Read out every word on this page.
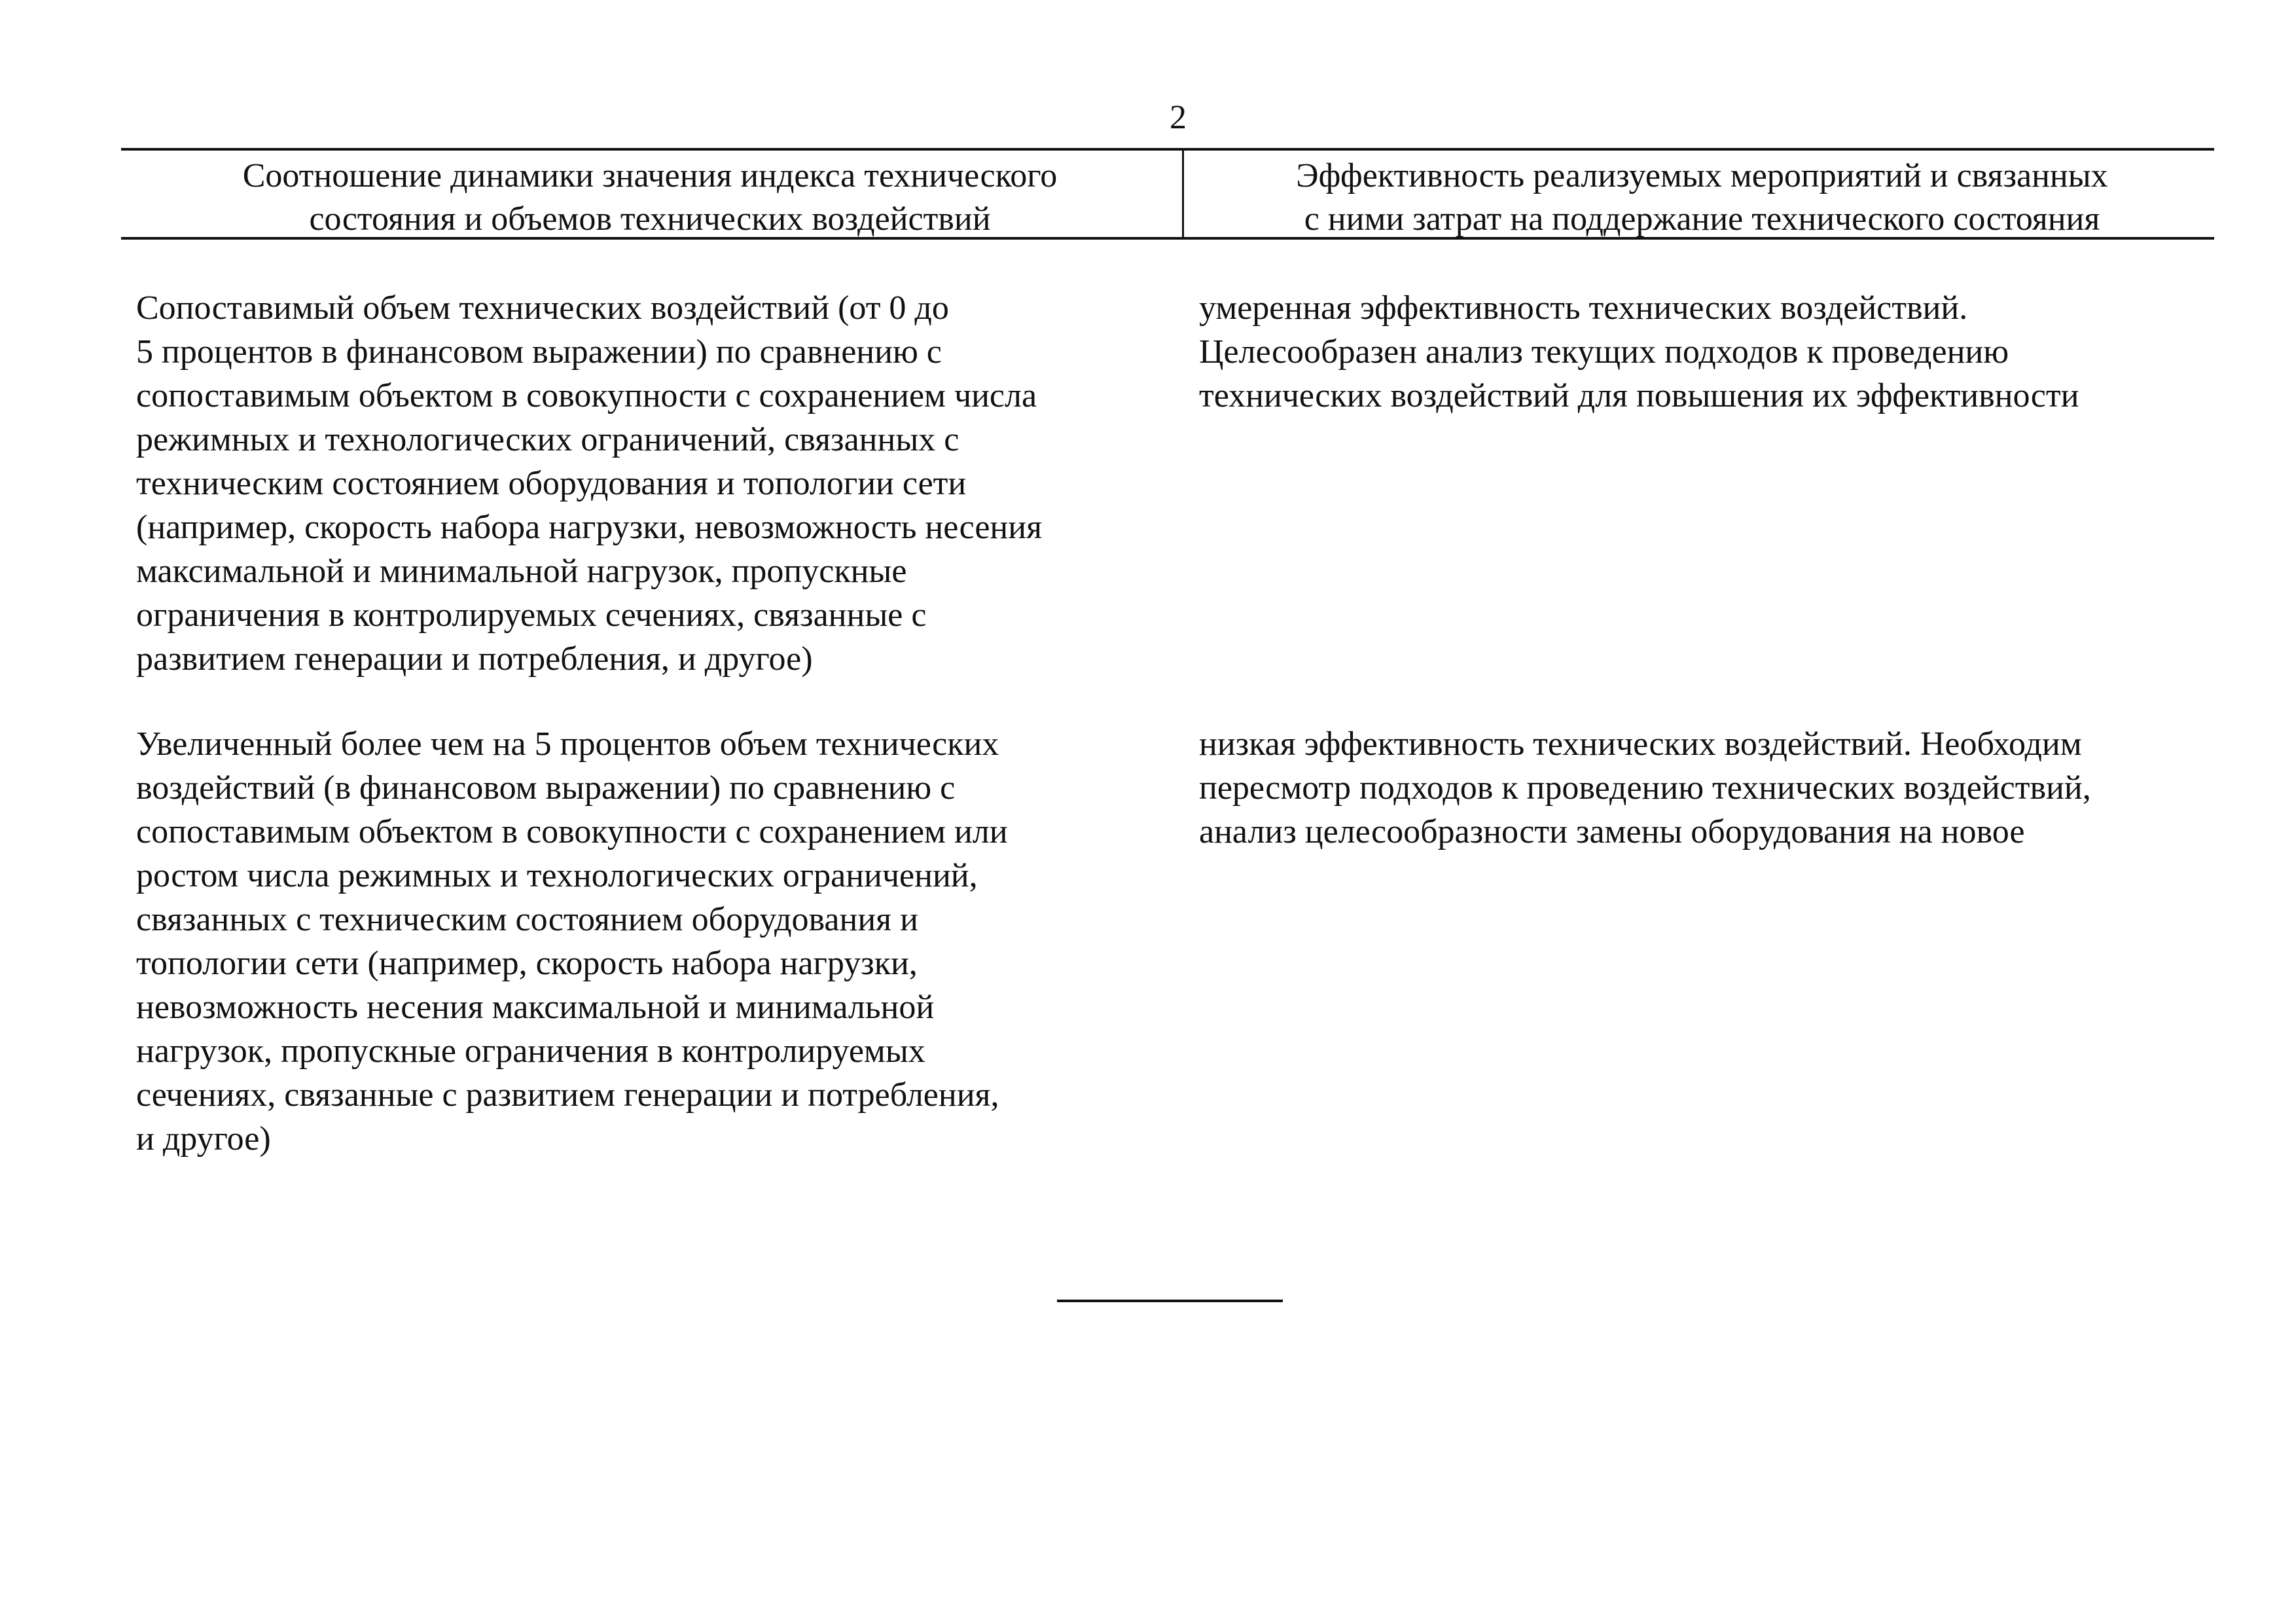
2
Соотношение динамики значения индекса технического
состояния и объемов технических воздействий
Эффективность реализуемых мероприятий и связанных
с ними затрат на поддержание технического состояния
Сопоставимый объем технических воздействий (от 0 до
5 процентов в финансовом выражении) по сравнению с
сопоставимым объектом в совокупности с сохранением числа
режимных и технологических ограничений, связанных с
техническим состоянием оборудования и топологии сети
(например, скорость набора нагрузки, невозможность несения
максимальной и минимальной нагрузок, пропускные
ограничения в контролируемых сечениях, связанные с
развитием генерации и потребления, и другое)
умеренная эффективность технических воздействий.
Целесообразен анализ текущих подходов к проведению
технических воздействий для повышения их эффективности
Увеличенный более чем на 5 процентов объем технических
воздействий (в финансовом выражении) по сравнению с
сопоставимым объектом в совокупности с сохранением или
ростом числа режимных и технологических ограничений,
связанных с техническим состоянием оборудования и
топологии сети (например, скорость набора нагрузки,
невозможность несения максимальной и минимальной
нагрузок, пропускные ограничения в контролируемых
сечениях, связанные с развитием генерации и потребления,
и другое)
низкая эффективность технических воздействий. Необходим
пересмотр подходов к проведению технических воздействий,
анализ целесообразности замены оборудования на новое
